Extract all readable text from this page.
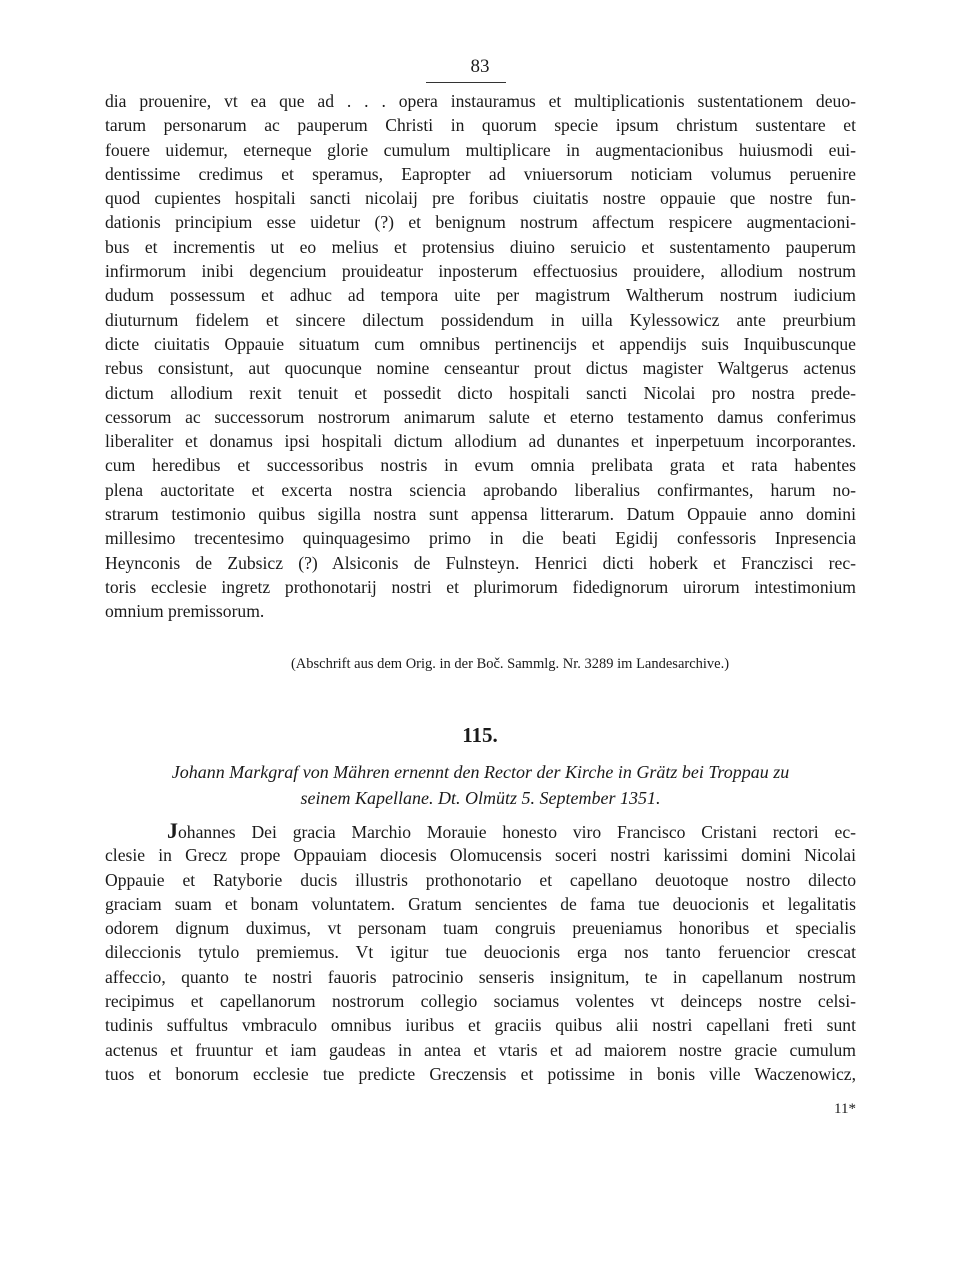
83
dia prouenire, vt ea que ad . . . opera instauramus et multiplicationis sustentationem deuo-
tarum personarum ac pauperum Christi in quorum specie ipsum christum sustentare et
fouere uidemur, eterneque glorie cumulum multiplicare in augmentacionibus huiusmodi eui-
dentissime credimus et speramus, Eapropter ad vniuersorum noticiam volumus peruenire
quod cupientes hospitali sancti nicolaij pre foribus ciuitatis nostre oppauie que nostre fun-
dationis principium esse uidetur (?) et benignum nostrum affectum respicere augmentacioni-
bus et incrementis ut eo melius et protensius diuino seruicio et sustentamento pauperum
infirmorum inibi degencium prouideatur inposterum effectuosius prouidere, allodium nostrum
dudum possessum et adhuc ad tempora uite per magistrum Waltherum nostrum iudicium
diuturnum fidelem et sincere dilectum possidendum in uilla Kylessowicz ante preurbium
dicte ciuitatis Oppauie situatum cum omnibus pertinencijs et appendijs suis Inquibuscunque
rebus consistunt, aut quocunque nomine censeantur prout dictus magister Waltgerus actenus
dictum allodium rexit tenuit et possedit dicto hospitali sancti Nicolai pro nostra prede-
cessorum ac successorum nostrorum animarum salute et eterno testamento damus conferimus
liberaliter et donamus ipsi hospitali dictum allodium ad dunantes et inperpetuum incorporantes.
cum heredibus et successoribus nostris in evum omnia prelibata grata et rata habentes
plena auctoritate et excerta nostra sciencia aprobando liberalius confirmantes, harum no-
strarum testimonio quibus sigilla nostra sunt appensa litterarum. Datum Oppauie anno domini
millesimo trecentesimo quinquagesimo primo in die beati Egidij confessoris Inpresencia
Heynconis de Zubsicz (?) Alsiconis de Fulnsteyn. Henrici dicti hoberk et Franczisci rec-
toris ecclesie ingretz prothonotarij nostri et plurimorum fidedignorum uirorum intestimonium
omnium premissorum.
(Abschrift aus dem Orig. in der Boč. Sammlg. Nr. 3289 im Landesarchive.)
115.
Johann Markgraf von Mähren ernennt den Rector der Kirche in Grätz bei Troppau zu
seinem Kapellane. Dt. Olmütz 5. September 1351.
Johannes Dei gracia Marchio Morauie honesto viro Francisco Cristani rectori ec-
clesie in Grecz prope Oppauiam diocesis Olomucensis soceri nostri karissimi domini Nicolai
Oppauie et Ratyborie ducis illustris prothonotario et capellano deuotoque nostro dilecto
graciam suam et bonam voluntatem. Gratum sencientes de fama tue deuocionis et legalitatis
odorem dignum duximus, vt personam tuam congruis preueniamus honoribus et specialis
dileccionis tytulo premiemus. Vt igitur tue deuocionis erga nos tanto feruencior crescat
affeccio, quanto te nostri fauoris patrocinio senseris insignitum, te in capellanum nostrum
recipimus et capellanorum nostrorum collegio sociamus volentes vt deinceps nostre celsi-
tudinis suffultus vmbraculo omnibus iuribus et graciis quibus alii nostri capellani freti sunt
actenus et fruuntur et iam gaudeas in antea et vtaris et ad maiorem nostre gracie cumulum
tuos et bonorum ecclesie tue predicte Greczensis et potissime in bonis ville Waczenowicz,
11*
